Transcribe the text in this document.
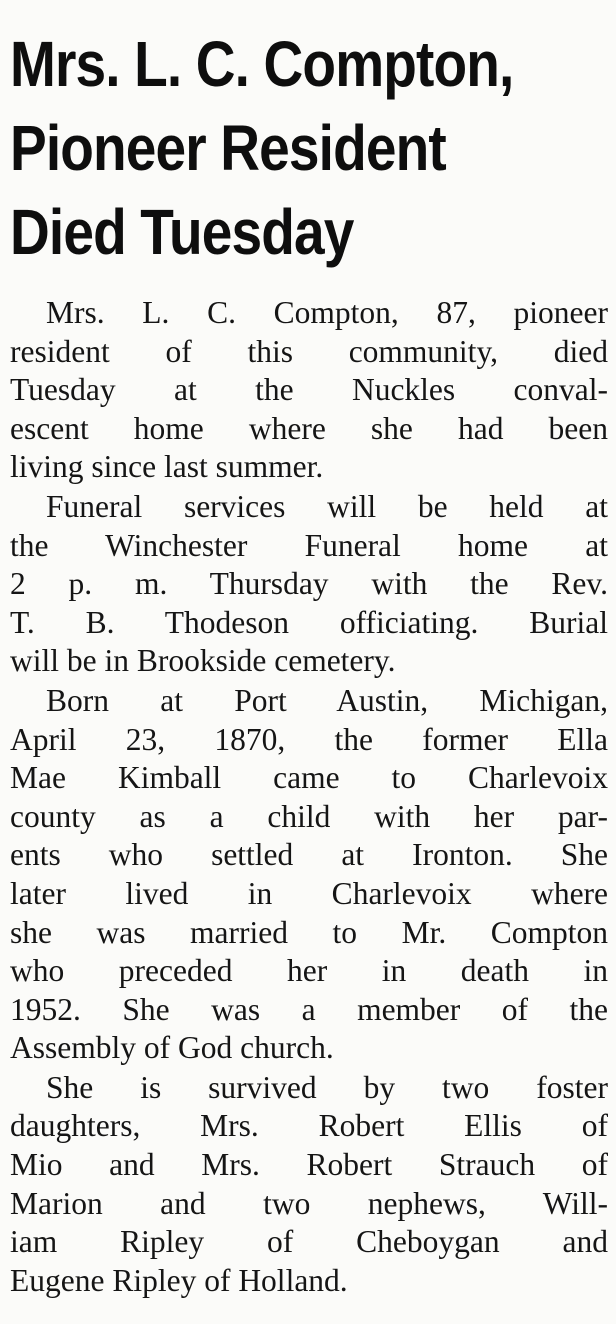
Mrs. L. C. Compton,
Pioneer Resident
Died Tuesday
Mrs. L. C. Compton, 87, pioneer
resident of this community, died
Tuesday at the Nuckles conval-
escent home where she had been
living since last summer.
Funeral services will be held at
the Winchester Funeral home at
2 p. m. Thursday with the Rev.
T. B. Thodeson officiating. Burial
will be in Brookside cemetery.
Born at Port Austin, Michigan,
April 23, 1870, the former Ella
Mae Kimball came to Charlevoix
county as a child with her par-
ents who settled at Ironton. She
later lived in Charlevoix where
she was married to Mr. Compton
who preceded her in death in
1952. She was a member of the
Assembly of God church.
She is survived by two foster
daughters, Mrs. Robert Ellis of
Mio and Mrs. Robert Strauch of
Marion and two nephews, Will-
iam Ripley of Cheboygan and
Eugene Ripley of Holland.
